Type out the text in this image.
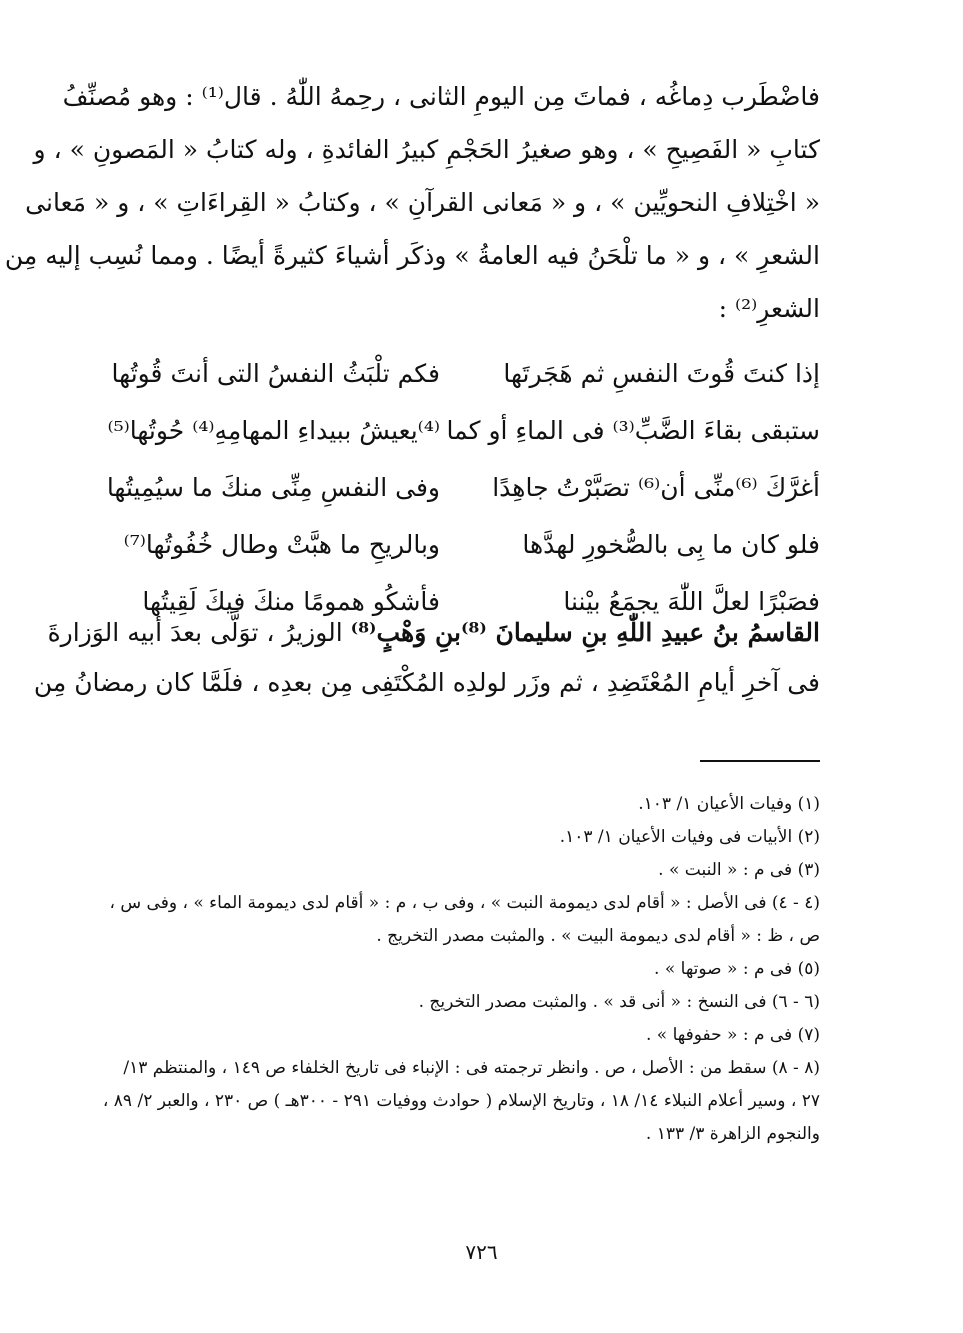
فاضْطَرب دِماغُه ، فماتَ مِن اليومِ الثانى ، رحِمهُ اللّٰهُ . قال⁽¹⁾ : وهو مُصنِّفُ
كتابِ « الفَصِيحِ » ، وهو صغيرُ الحَجْمِ كبيرُ الفائدةِ ، وله كتابُ « المَصونِ » ، و
« اخْتِلافِ النحويِّين » ، و « مَعانى القرآنِ » ، وكتابُ « القِراءَاتِ » ، و « مَعانى
الشعرِ » ، و « ما تلْحَنُ فيه العامةُ » وذكَر أشياءَ كثيرةً أيضًا . ومما نُسِب إليه مِن
الشعرِ⁽²⁾ :
إذا كنتَ قُوتَ النفسِ ثم هَجَرتَها
فكم تلْبَثُ النفسُ التى أنتَ قُوتُها
ستبقى بقاءَ الضَّبِّ⁽³⁾ فى الماءِ أو كما
⁽⁴⁾يعيشُ ببيداءِ المهامِهِ⁽⁴⁾ حُوتُها⁽⁵⁾
أغرَّكَ ⁽⁶⁾منِّى أن⁽⁶⁾ تصَبَّرْتُ جاهِدًا
وفى النفسِ مِنِّى منكَ ما سيُمِيتُها
فلو كان ما بِى بالصُّخورِ لهدَّها
وبالريحِ ما هبَّتْ وطال خُفُوتُها⁽⁷⁾
فصَبْرًا لعلَّ اللّٰهَ يجمَعُ بيْننا
فأشكُو همومًا منكَ فيكَ لَقِيتُها
القاسمُ بنُ عبيدِ اللّٰهِ بنِ سليمانَ ⁽⁸⁾بنِ وَهْبٍ⁽⁸⁾ الوزيرُ ، توَلَّى بعدَ أبيه الوَزارةَ
فى آخرِ أيامِ المُعْتَضِدِ ، ثم وزَر لولدِه المُكْتَفِى مِن بعدِه ، فلَمَّا كان رمضانُ مِن
(١) وفيات الأعيان ١/ ١٠٣.
(٢) الأبيات فى وفيات الأعيان ١/ ١٠٣.
(٣) فى م : « النبت » .
(٤ - ٤) فى الأصل : « أقام لدى ديمومة النبت » ، وفى ب ، م : « أقام لدى ديمومة الماء » ، وفى س ، ص ، ظ : « أقام لدى ديمومة البيت » . والمثبت مصدر التخريج .
(٥) فى م : « صوتها » .
(٦ - ٦) فى النسخ : « أنى قد » . والمثبت مصدر التخريج .
(٧) فى م : « حفوفها » .
(٨ - ٨) سقط من : الأصل ، ص . وانظر ترجمته فى : الإنباء فى تاريخ الخلفاء ص ١٤٩ ، والمنتظم ١٣/ ٢٧ ، وسير أعلام النبلاء ١٤/ ١٨ ، وتاريخ الإسلام ( حوادث ووفيات ٢٩١ - ٣٠٠هـ ) ص ٢٣٠ ، والعبر ٢/ ٨٩ ، والنجوم الزاهرة ٣/ ١٣٣ .
٧٢٦
